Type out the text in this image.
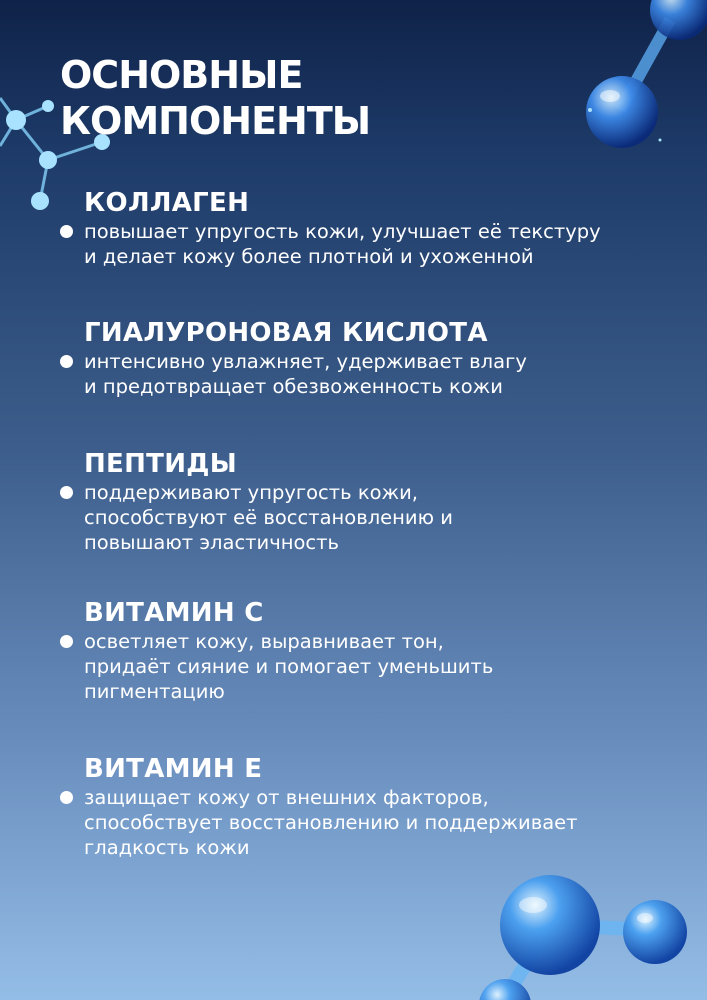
ОСНОВНЫЕ
КОМПОНЕНТЫ
КОЛЛАГЕН

повышает упругость кожи, улучшает её текстуру
и делает кожу более плотной и ухоженной

ГИАЛУРОНОВАЯ КИСЛОТА

интенсивно увлажняет, удерживает влагу
и предотвращает обезвоженность кожи

ПЕПТИДЫ

поддерживают упругость кожи,
способствуют её восстановлению и
повышают эластичность

ВИТАМИН С

осветляет кожу, выравнивает тон,
придаёт сияние и помогает уменьшить
пигментацию

ВИТАМИН Е

защищает кожу от внешних факторов,
способствует восстановлению и поддерживает
гладкость кожи
